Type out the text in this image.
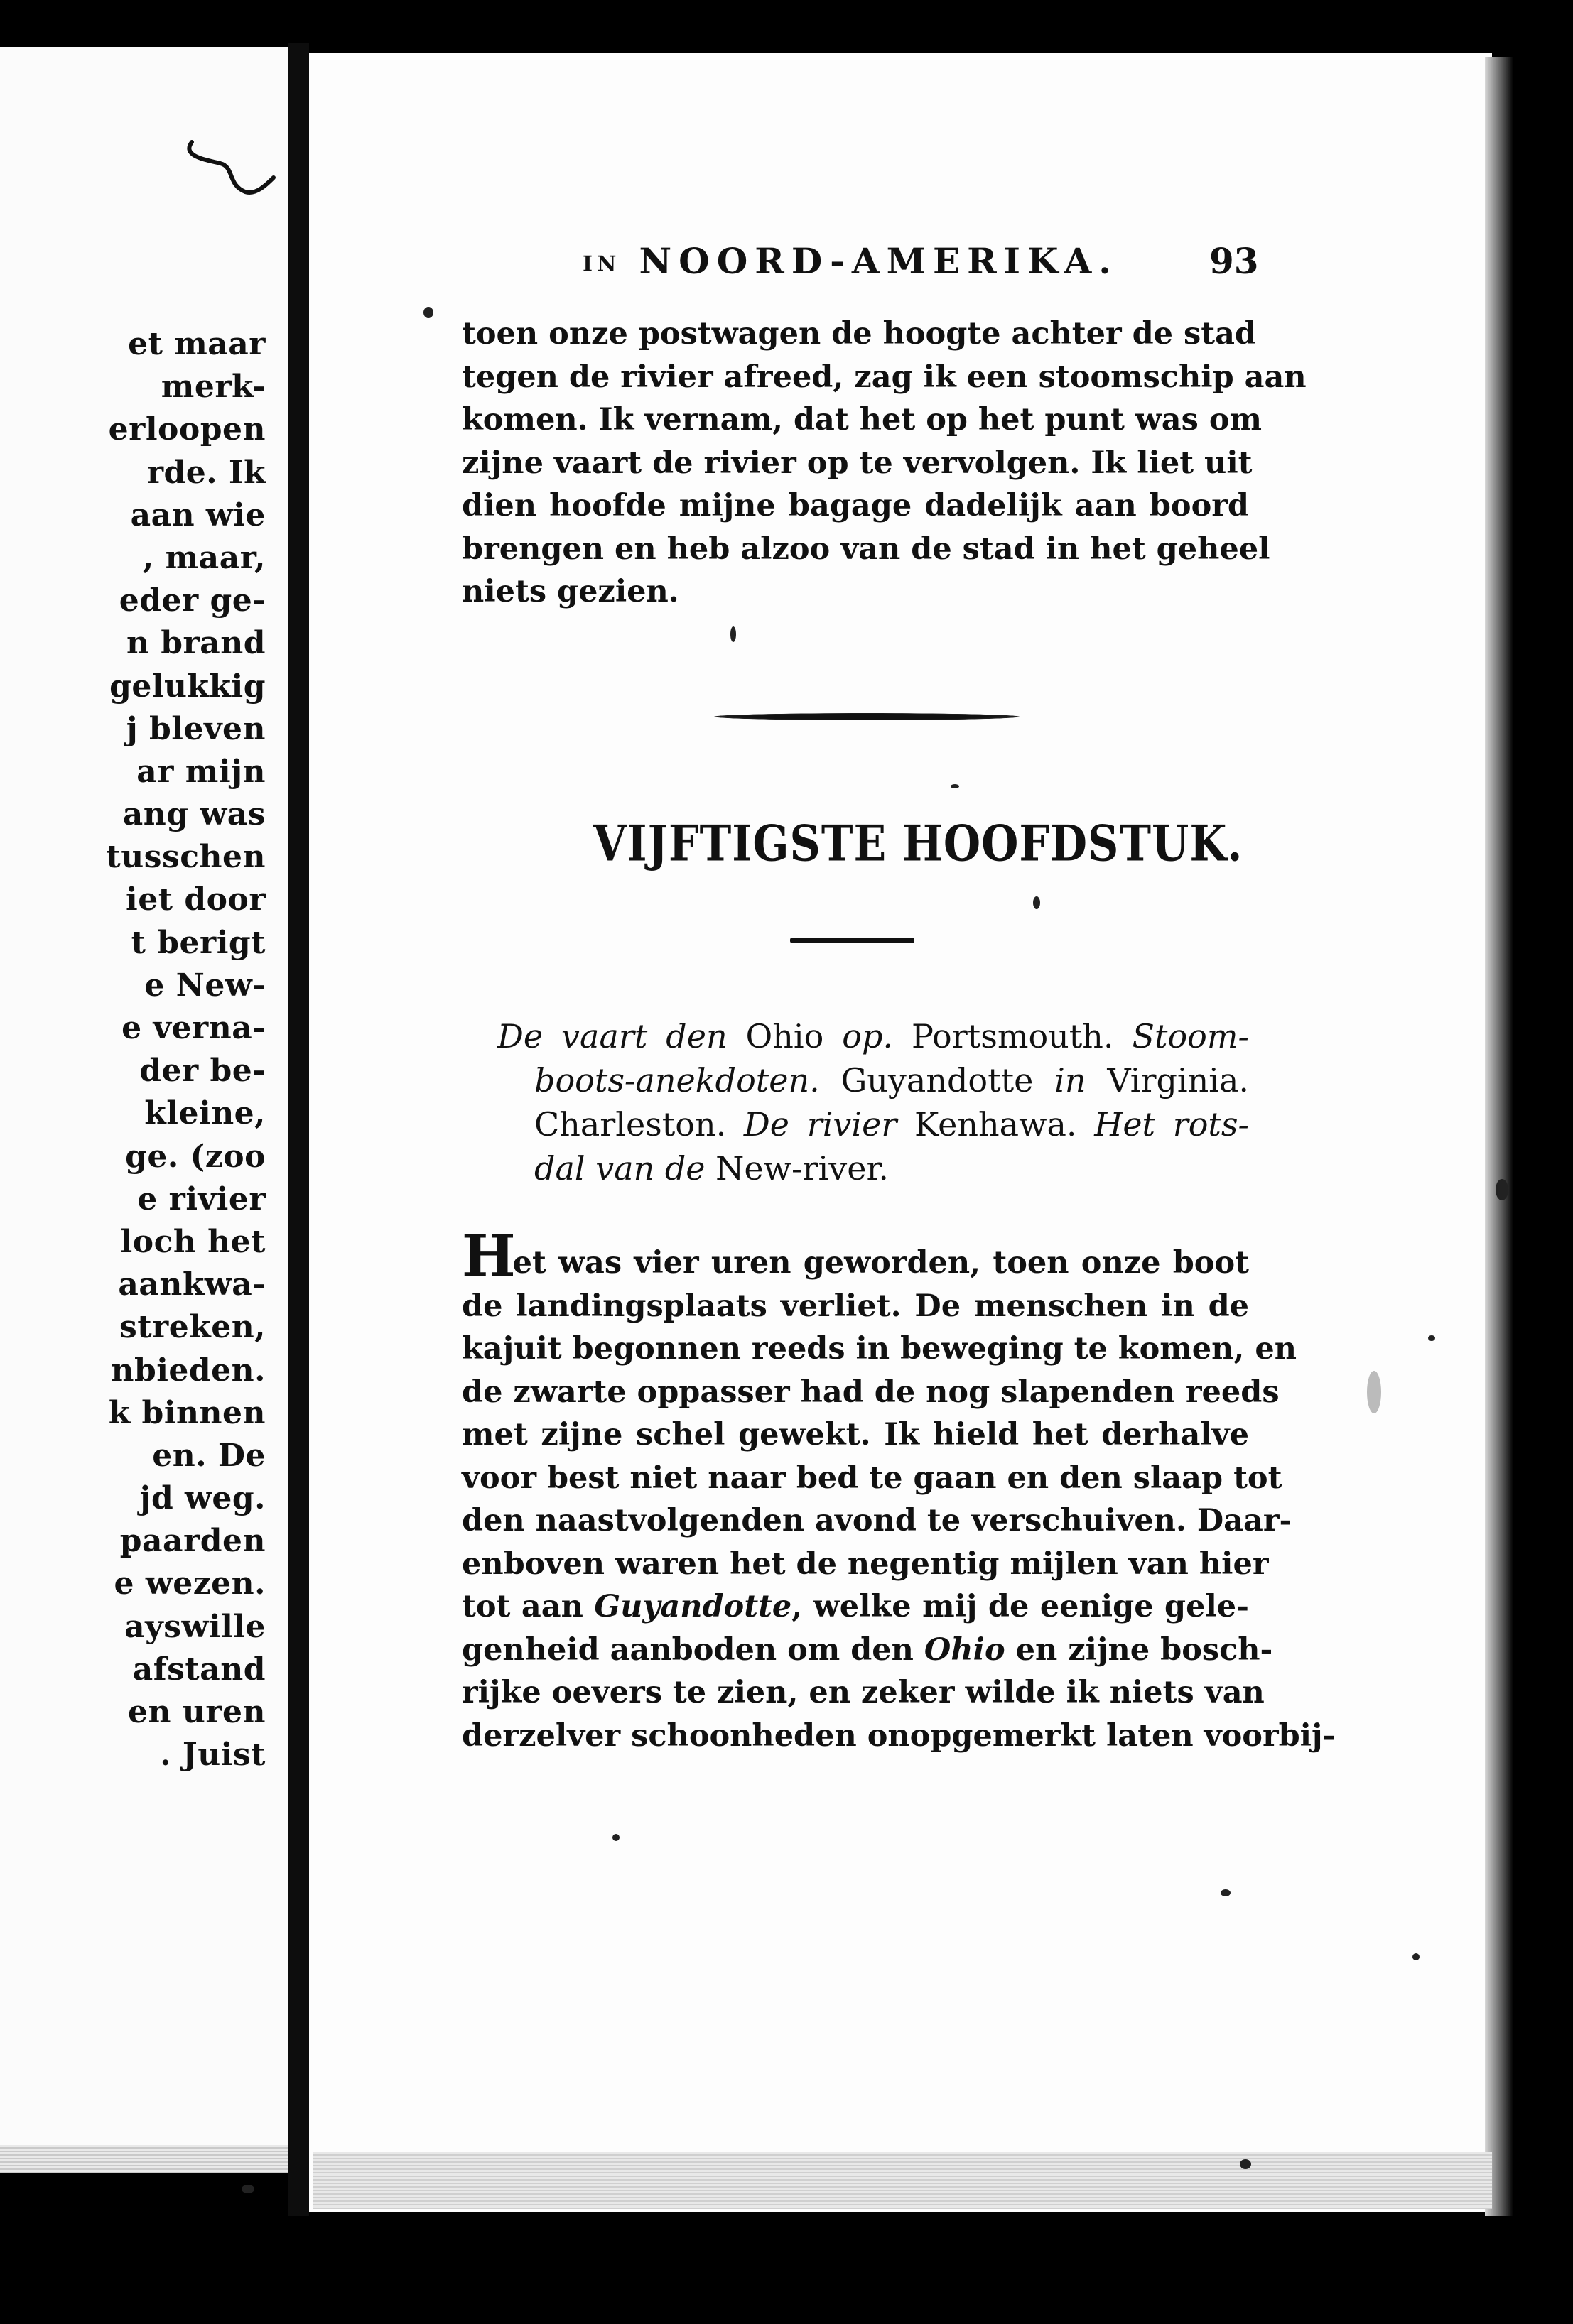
et maar
merk-
erloopen
rde. Ik
aan wie
, maar,
eder ge-
n brand
gelukkig
j bleven
ar mijn
ang was
tusschen
iet door
t berigt
e New-
e verna-
der be-
kleine,
ge. (zoo
e rivier
loch het
aankwa-
streken,
nbieden.
k binnen
en. De
jd weg.
paarden
e wezen.
ayswille
afstand
en uren
. Juist
IN NOORD-AMERIKA.	93
toen onze postwagen de hoogte achter de stad
tegen de rivier afreed, zag ik een stoomschip aan
komen. Ik vernam, dat het op het punt was om
zijne vaart de rivier op te vervolgen. Ik liet uit
dien hoofde mijne bagage dadelijk aan boord
brengen en heb alzoo van de stad in het geheel
niets gezien.
VIJFTIGSTE HOOFDSTUK.
De vaart den Ohio op. Portsmouth. Stoom-
boots-anekdoten. Guyandotte in Virginia.
Charleston. De rivier Kenhawa. Het rots-
dal van de New-river.
Het was vier uren geworden, toen onze boot
de landingsplaats verliet. De menschen in de
kajuit begonnen reeds in beweging te komen, en
de zwarte oppasser had de nog slapenden reeds
met zijne schel gewekt. Ik hield het derhalve
voor best niet naar bed te gaan en den slaap tot
den naastvolgenden avond te verschuiven. Daar-
enboven waren het de negentig mijlen van hier
tot aan Guyandotte, welke mij de eenige gele-
genheid aanboden om den Ohio en zijne bosch-
rijke oevers te zien, en zeker wilde ik niets van
derzelver schoonheden onopgemerkt laten voorbij-
